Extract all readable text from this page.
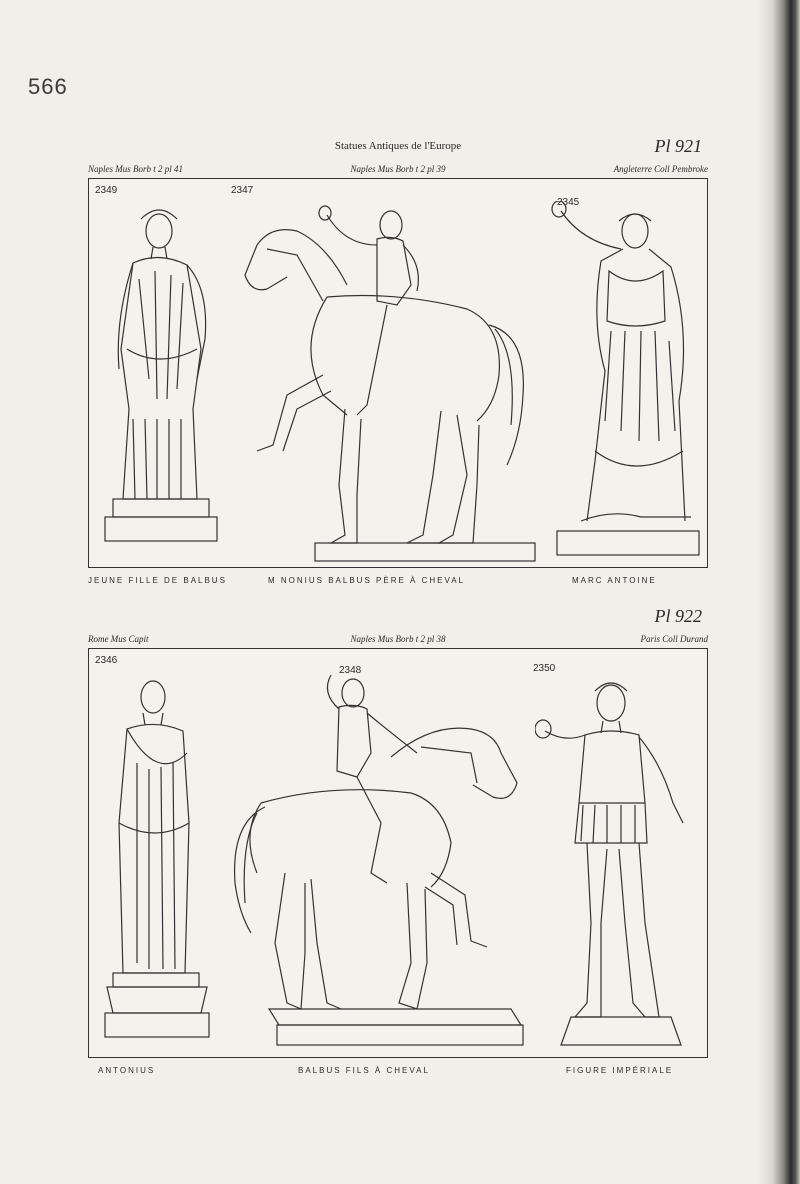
566
Statues Antiques de l'Europe	Pl 921
Naples Mus Borb t 2 pl 41	Naples Mus Borb t 2 pl 39	Angleterre Coll Pembroke
2349	2347
2345
JEUNE FILLE DE BALBUS	M NONIUS BALBUS PÈRE À CHEVAL	MARC ANTOINE
Pl 922
Rome Mus Capit	Naples Mus Borb t 2 pl 38	Paris Coll Durand
2346
2348	2350
ANTONIUS	BALBUS FILS À CHEVAL	FIGURE IMPÉRIALE
